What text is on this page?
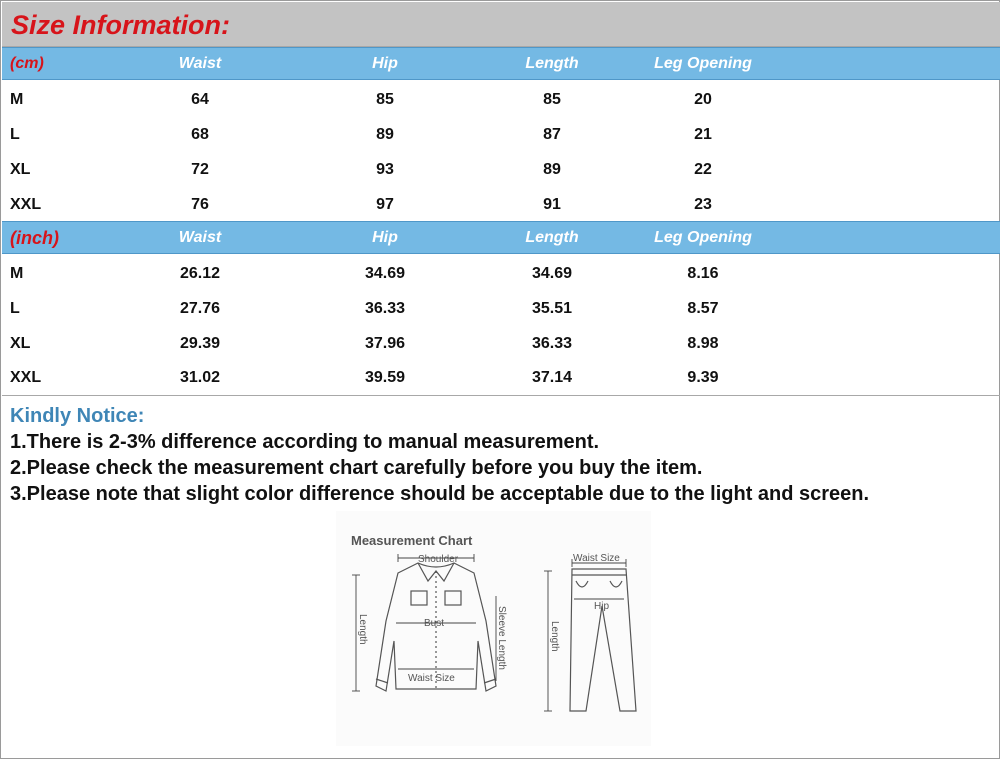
Size Information:
(cm)	Waist	Hip	Length	Leg Opening
M	64	85	85	20
L	68	89	87	21
XL	72	93	89	22
XXL	76	97	91	23
(inch)	Waist	Hip	Length	Leg Opening
M	26.12	34.69	34.69	8.16
L	27.76	36.33	35.51	8.57
XL	29.39	37.96	36.33	8.98
XXL	31.02	39.59	37.14	9.39
Kindly Notice:
1.There is 2-3% difference according to manual measurement.
2.Please check the measurement chart carefully before you buy the item.
3.Please note that slight color difference should be acceptable due to the light and screen.
Measurement Chart
Shoulder
Bust
Waist Size
Length	Sleeve Length
Waist Size
Hip
Length
